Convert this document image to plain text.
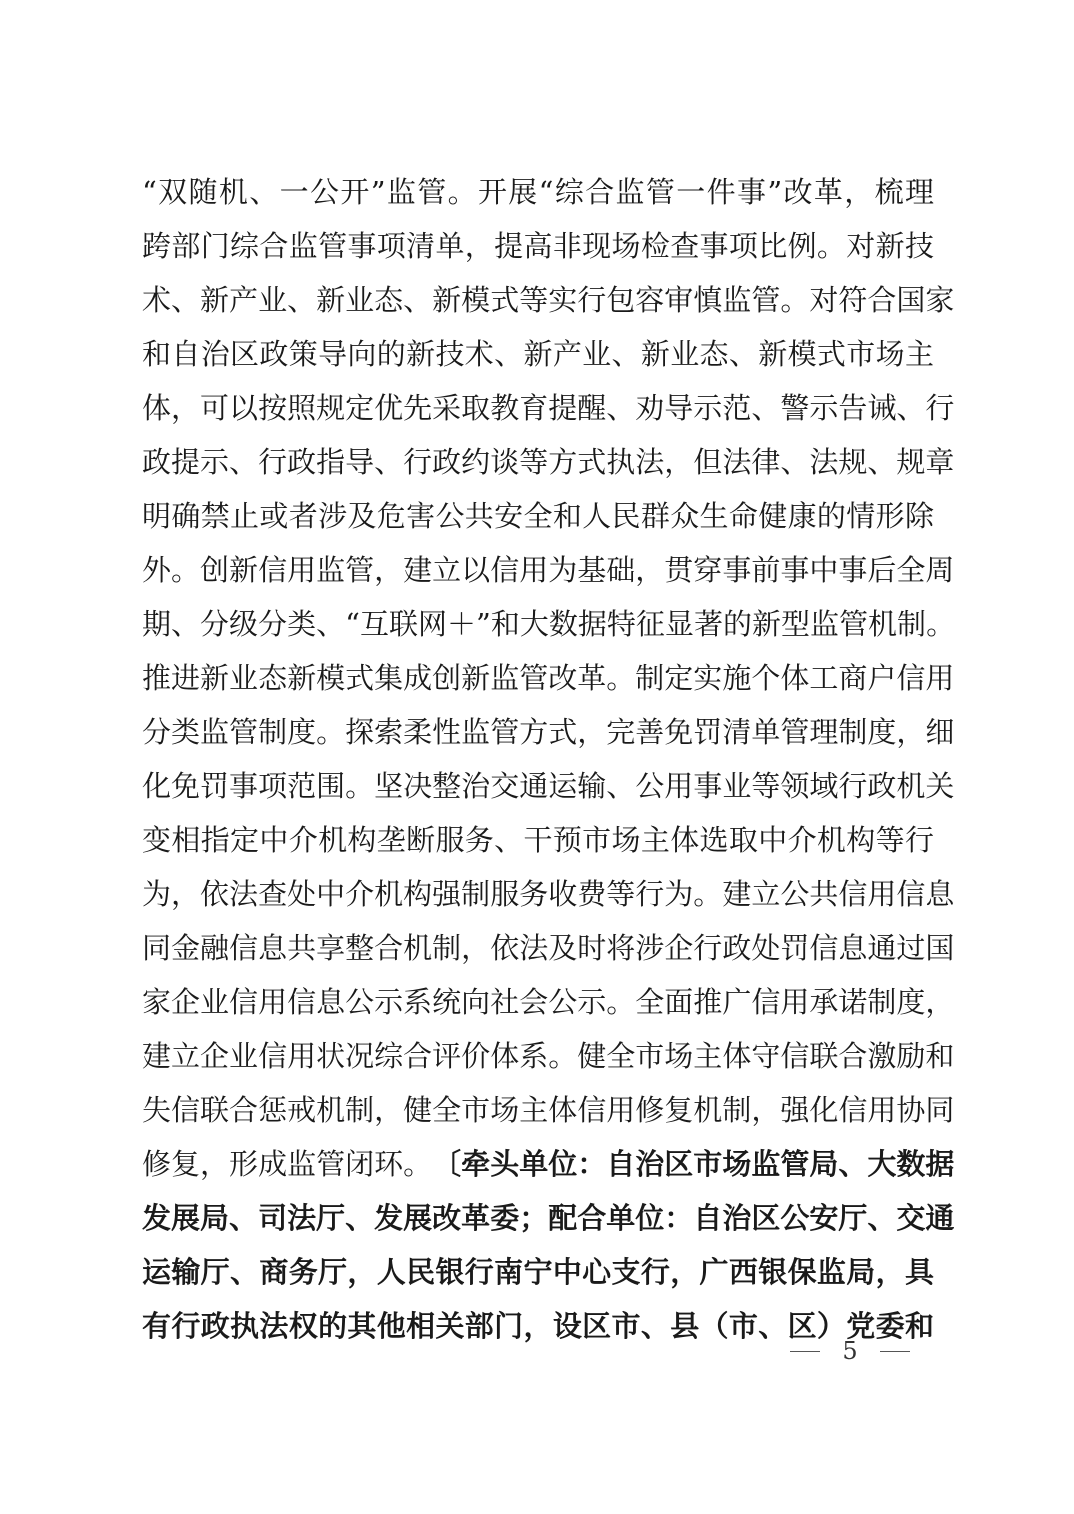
“ 双 随 机 、 一 公 开 ” 监 管 。 开 展 “ 综 合 监 管 一 件 事 ” 改 革 ， 梳 理
跨 部 门 综 合 监 管 事 项 清 单 ， 提 高 非 现 场 检 查 事 项 比 例 。 对 新 技
术 、 新 产 业 、 新 业 态 、 新 模 式 等 实 行 包 容 审 慎 监 管 。 对 符 合 国 家
和 自 治 区 政 策 导 向 的 新 技 术 、 新 产 业 、 新 业 态 、 新 模 式 市 场 主
体 ， 可 以 按 照 规 定 优 先 采 取 教 育 提 醒 、 劝 导 示 范 、 警 示 告 诫 、 行
政 提 示 、 行 政 指 导 、 行 政 约 谈 等 方 式 执 法 ， 但 法 律 、 法 规 、 规 章
明 确 禁 止 或 者 涉 及 危 害 公 共 安 全 和 人 民 群 众 生 命 健 康 的 情 形 除
外 。 创 新 信 用 监 管 ， 建 立 以 信 用 为 基 础 ， 贯 穿 事 前 事 中 事 后 全 周
期 、 分 级 分 类 、 “ 互 联 网 ＋ ” 和 大 数 据 特 征 显 著 的 新 型 监 管 机 制 。
推 进 新 业 态 新 模 式 集 成 创 新 监 管 改 革 。 制 定 实 施 个 体 工 商 户 信 用
分 类 监 管 制 度 。 探 索 柔 性 监 管 方 式 ， 完 善 免 罚 清 单 管 理 制 度 ， 细
化 免 罚 事 项 范 围 。 坚 决 整 治 交 通 运 输 、 公 用 事 业 等 领 域 行 政 机 关
变 相 指 定 中 介 机 构 垄 断 服 务 、 干 预 市 场 主 体 选 取 中 介 机 构 等 行
为 ， 依 法 查 处 中 介 机 构 强 制 服 务 收 费 等 行 为 。 建 立 公 共 信 用 信 息
同 金 融 信 息 共 享 整 合 机 制 ， 依 法 及 时 将 涉 企 行 政 处 罚 信 息 通 过 国
家 企 业 信 用 信 息 公 示 系 统 向 社 会 公 示 。 全 面 推 广 信 用 承 诺 制 度 ，
建 立 企 业 信 用 状 况 综 合 评 价 体 系 。 健 全 市 场 主 体 守 信 联 合 激 励 和
失 信 联 合 惩 戒 机 制 ， 健 全 市 场 主 体 信 用 修 复 机 制 ， 强 化 信 用 协 同
修 复 ， 形 成 监 管 闭 环 。 〔 牵 头 单 位 ： 自 治 区 市 场 监 管 局 、 大 数 据
发 展 局 、 司 法 厅 、 发 展 改 革 委 ； 配 合 单 位 ： 自 治 区 公 安 厅 、 交 通
运 输 厅 、 商 务 厅 ， 人 民 银 行 南 宁 中 心 支 行 ， 广 西 银 保 监 局 ， 具
有 行 政 执 法 权 的 其 他 相 关 部 门 ， 设 区 市 、 县 （ 市 、 区 ） 党 委 和
5
